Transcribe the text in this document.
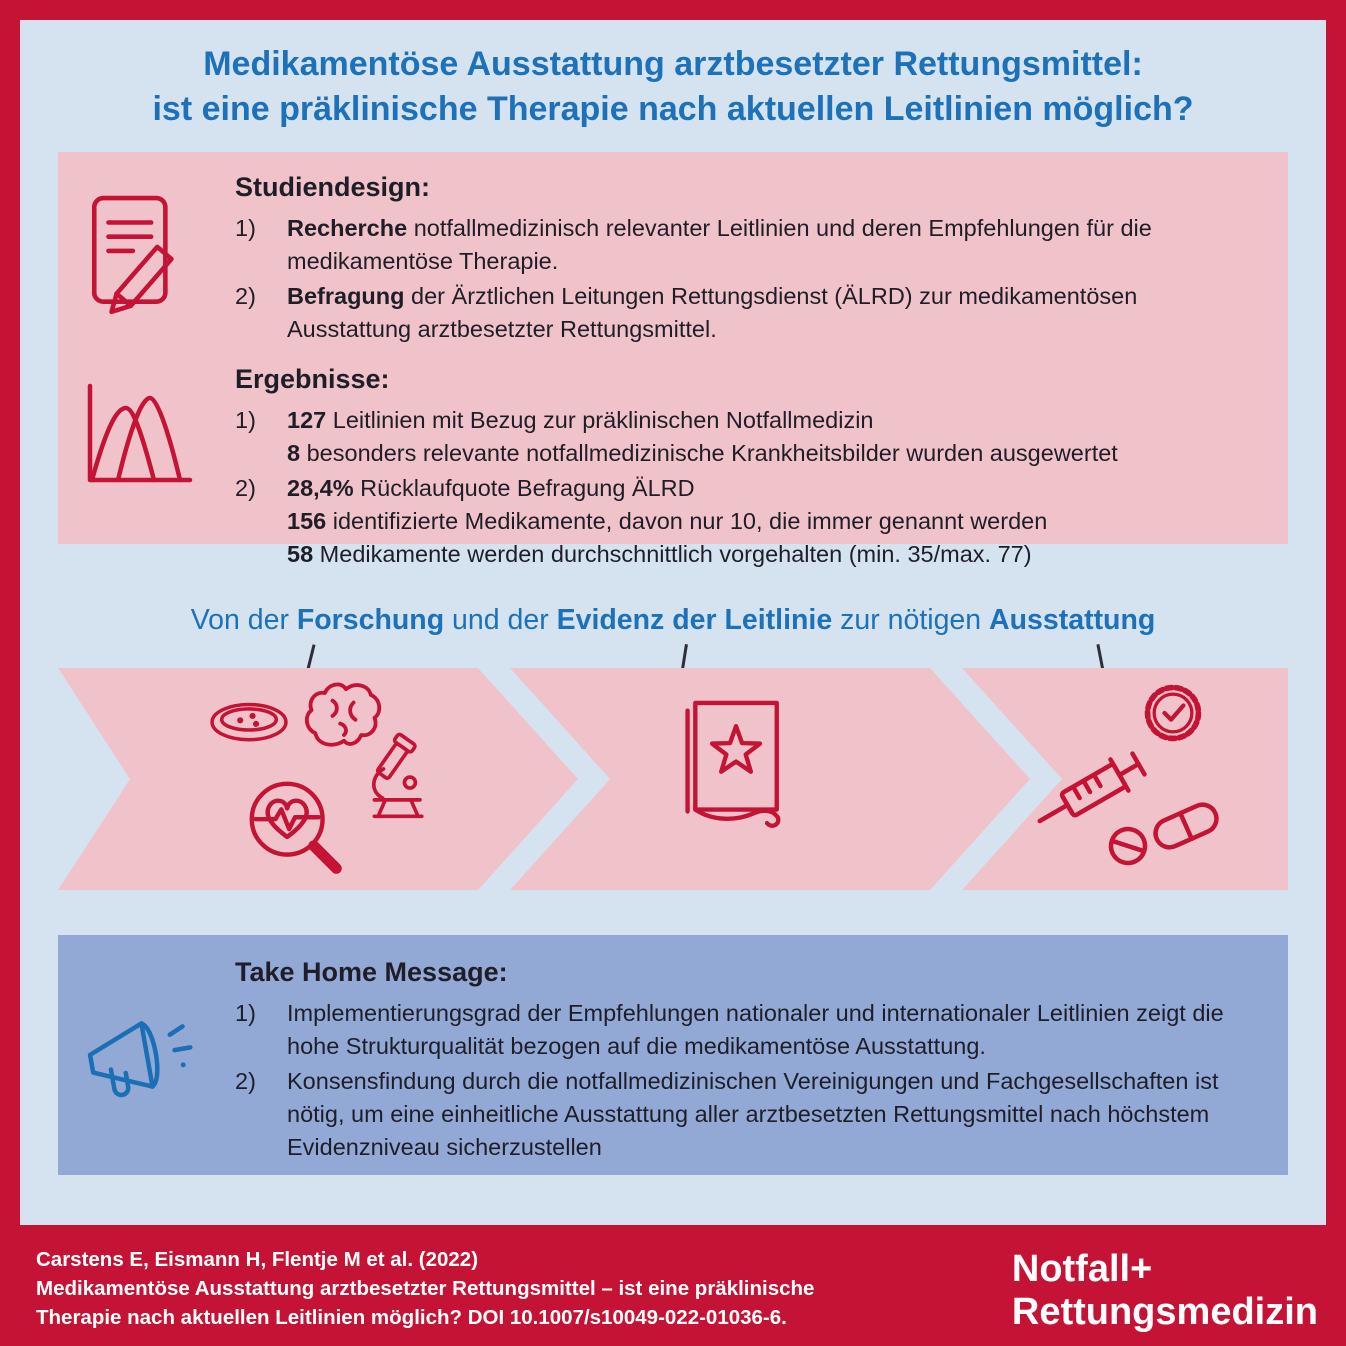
Medikamentöse Ausstattung arztbesetzter Rettungsmittel:
ist eine präklinische Therapie nach aktuellen Leitlinien möglich?
Studiendesign:
1)	Recherche notfallmedizinisch relevanter Leitlinien und deren Empfehlungen für die medikamentöse Therapie.

2)	Befragung der Ärztlichen Leitungen Rettungsdienst (ÄLRD) zur medikamentösen Ausstattung arztbesetzter Rettungsmittel.

Ergebnisse:
1)	127 Leitlinien mit Bezug zur präklinischen Notfallmedizin
8 besonders relevante notfallmedizinische Krankheitsbilder wurden ausgewertet

2)	28,4% Rücklaufquote Befragung ÄLRD
156 identifizierte Medikamente, davon nur 10, die immer genannt werden
58 Medikamente werden durchschnittlich vorgehalten (min. 35/max. 77)

Von der Forschung und der Evidenz der Leitlinie zur nötigen Ausstattung
Take Home Message:
1)	Implementierungsgrad der Empfehlungen nationaler und internationaler Leitlinien zeigt die hohe Strukturqualität bezogen auf die medikamentöse Ausstattung.

2)	Konsensfindung durch die notfallmedizinischen Vereinigungen und Fachgesellschaften ist nötig, um eine einheitliche Ausstattung aller arztbesetzten Rettungsmittel nach höchstem Evidenzniveau sicherzustellen

Carstens E, Eismann H, Flentje M et al. (2022)
Medikamentöse Ausstattung arztbesetzter Rettungsmittel – ist eine präklinische
Therapie nach aktuellen Leitlinien möglich? DOI 10.1007/s10049-022-01036-6.
Notfall+
Rettungsmedizin
